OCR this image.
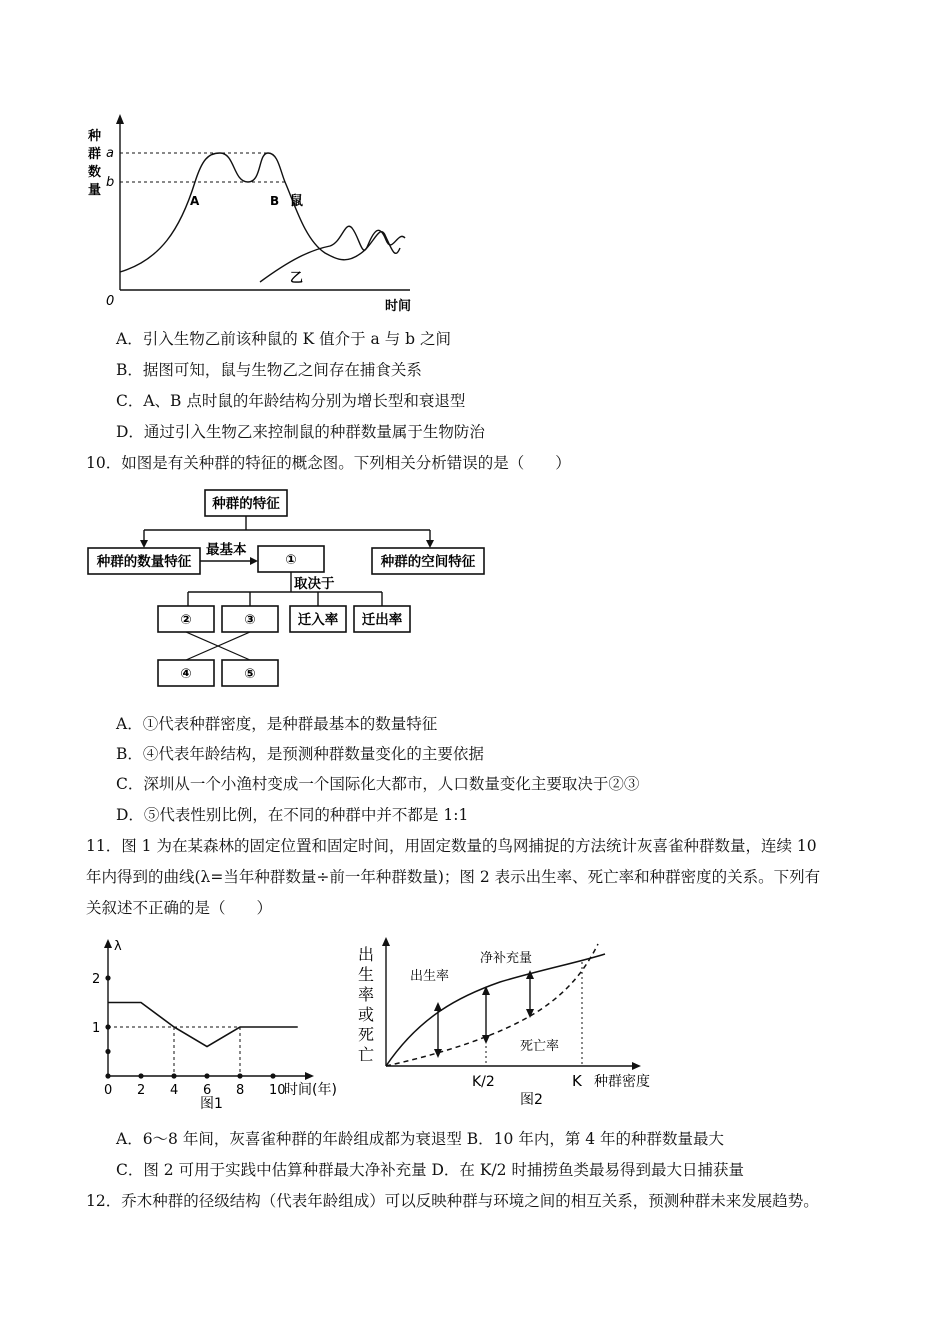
种
群
数
量
a
b
A	B 鼠
乙
0	时间
A．引入生物乙前该种鼠的 K 值介于 a 与 b 之间
B．据图可知，鼠与生物乙之间存在捕食关系
C．A、B 点时鼠的年龄结构分别为增长型和衰退型
D．通过引入生物乙来控制鼠的种群数量属于生物防治
10．如图是有关种群的特征的概念图。下列相关分析错误的是（　　）
种群的特征
种群的数量特征	种群的空间特征
最基本
①
取决于
②	③	迁入率 迁出率
④	⑤
A．①代表种群密度，是种群最基本的数量特征
B．④代表年龄结构，是预测种群数量变化的主要依据
C．深圳从一个小渔村变成一个国际化大都市，人口数量变化主要取决于②③
D．⑤代表性别比例，在不同的种群中并不都是 1:1
11．图 1 为在某森林的固定位置和固定时间，用固定数量的鸟网捕捉的方法统计灰喜雀种群数量，连续 10
年内得到的曲线(λ=当年种群数量÷前一年种群数量)；图 2 表示出生率、死亡率和种群密度的关系。下列有
关叙述不正确的是（　　）
λ
时间(年)
图1
0 2 4 6 8 10
2
1
出
生
率
或
死
亡
出生率
净补充量
死亡率
K/2	K 种群密度
图2
A．6～8 年间，灰喜雀种群的年龄组成都为衰退型 B．10 年内，第 4 年的种群数量最大
C．图 2 可用于实践中估算种群最大净补充量 D．在 K/2 时捕捞鱼类最易得到最大日捕获量
12．乔木种群的径级结构（代表年龄组成）可以反映种群与环境之间的相互关系，预测种群未来发展趋势。
